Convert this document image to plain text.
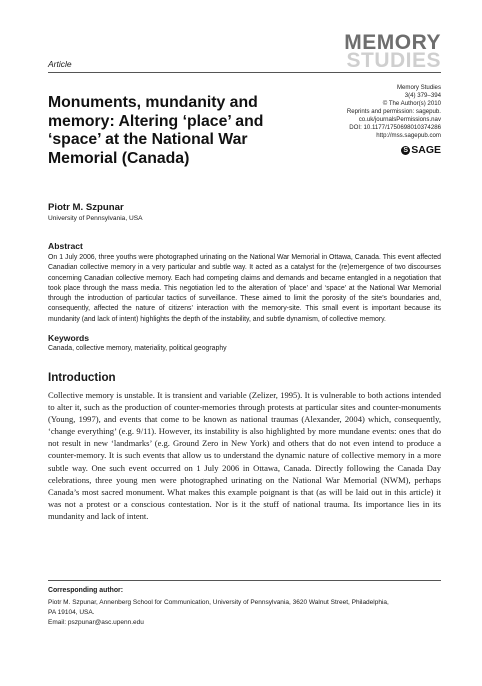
Article
MEMORY
STUDIES
Memory Studies
3(4) 379–394
© The Author(s) 2010
Reprints and permission: sagepub.
co.uk/journalsPermissions.nav
DOI: 10.1177/1750698010374286
http://mss.sagepub.com
S SAGE
Monuments, mundanity and
memory: Altering ‘place’ and
‘space’ at the National War
Memorial (Canada)
Piotr M. Szpunar
University of Pennsylvania, USA
Abstract
On 1 July 2006, three youths were photographed urinating on the National War Memorial in Ottawa, Canada. This event affected Canadian collective memory in a very particular and subtle way. It acted as a catalyst for the (re)emergence of two discourses concerning Canadian collective memory. Each had competing claims and demands and became entangled in a negotiation that took place through the mass media. This negotiation led to the alteration of ‘place’ and ‘space’ at the National War Memorial through the introduction of particular tactics of surveillance. These aimed to limit the porosity of the site’s boundaries and, consequently, affected the nature of citizens’ interaction with the memory-site. This small event is important because its mundanity (and lack of intent) highlights the depth of the instability, and subtle dynamism, of collective memory.
Keywords
Canada, collective memory, materiality, political geography
Introduction
Collective memory is unstable. It is transient and variable (Zelizer, 1995). It is vulnerable to both actions intended to alter it, such as the production of counter-memories through protests at particular sites and counter-monuments (Young, 1997), and events that come to be known as national traumas (Alexander, 2004) which, consequently, ‘change everything’ (e.g. 9/11). However, its instability is also highlighted by more mundane events: ones that do not result in new ‘landmarks’ (e.g. Ground Zero in New York) and others that do not even intend to produce a counter-memory. It is such events that allow us to understand the dynamic nature of collective memory in a more subtle way. One such event occurred on 1 July 2006 in Ottawa, Canada. Directly following the Canada Day celebrations, three young men were photographed urinating on the National War Memorial (NWM), perhaps Canada’s most sacred monument. What makes this example poignant is that (as will be laid out in this article) it was not a protest or a conscious contestation. Nor is it the stuff of national trauma. Its importance lies in its mundanity and lack of intent.
Corresponding author:
Piotr M. Szpunar, Annenberg School for Communication, University of Pennsylvania, 3620 Walnut Street, Philadelphia,
PA 19104, USA.
Email: pszpunar@asc.upenn.edu
